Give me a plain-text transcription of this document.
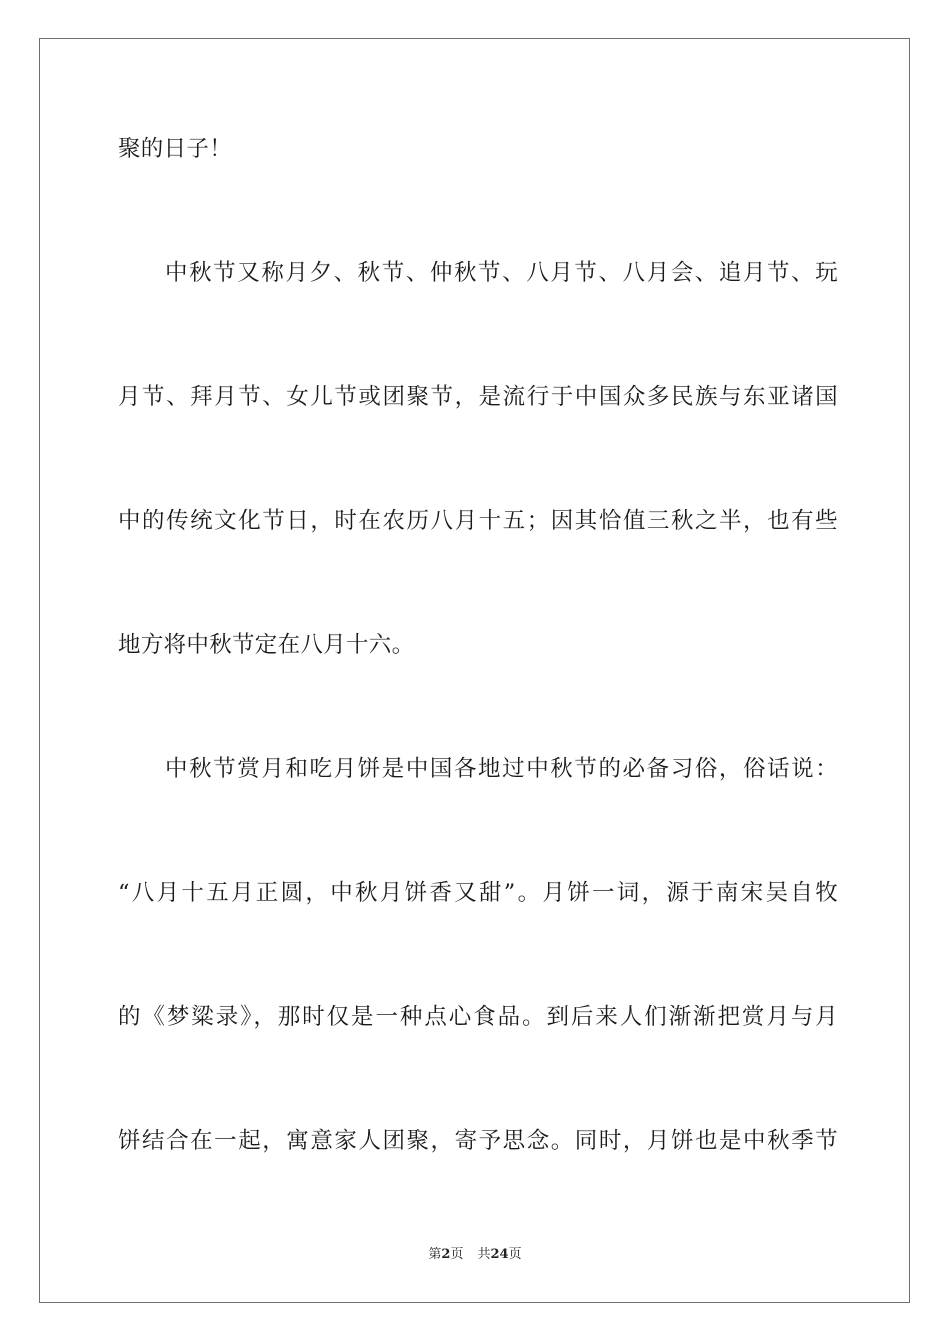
聚的日子！
中秋节又称月夕、秋节、仲秋节、八月节、八月会、追月节、玩
月节、拜月节、女儿节或团聚节，是流行于中国众多民族与东亚诸国
中的传统文化节日，时在农历八月十五；因其恰值三秋之半，也有些
地方将中秋节定在八月十六。
中秋节赏月和吃月饼是中国各地过中秋节的必备习俗，俗话说：
“八月十五月正圆，中秋月饼香又甜”。月饼一词，源于南宋吴自牧
的《梦粱录》，那时仅是一种点心食品。到后来人们渐渐把赏月与月
饼结合在一起，寓意家人团聚，寄予思念。同时，月饼也是中秋季节
第2页 共24页
